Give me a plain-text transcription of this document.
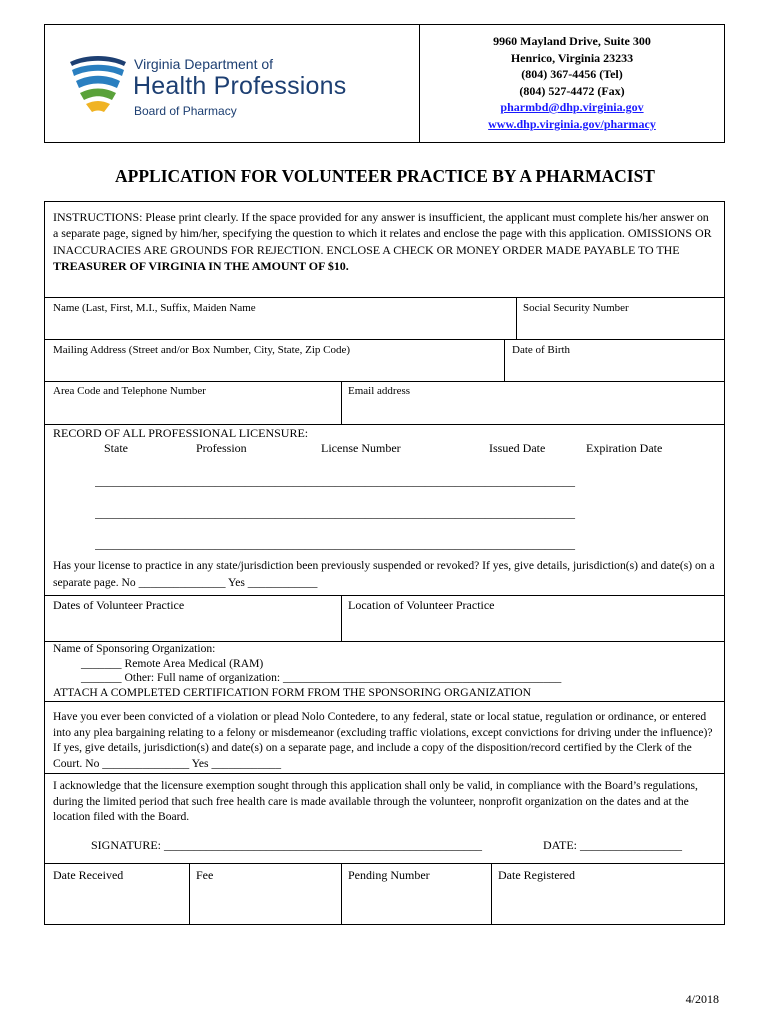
Virginia Department of
Health Professions
Board of Pharmacy
9960 Mayland Drive, Suite 300
Henrico, Virginia 23233
(804) 367-4456 (Tel)
(804) 527-4472 (Fax)
pharmbd@dhp.virginia.gov
www.dhp.virginia.gov/pharmacy
APPLICATION FOR VOLUNTEER PRACTICE BY A PHARMACIST
INSTRUCTIONS: Please print clearly. If the space provided for any answer is insufficient, the applicant must complete his/her answer on a separate page, signed by him/her, specifying the question to which it relates and enclose the page with this application. OMISSIONS OR INACCURACIES ARE GROUNDS FOR REJECTION. ENCLOSE A CHECK OR MONEY ORDER MADE PAYABLE TO THE TREASURER OF VIRGINIA IN THE AMOUNT OF $10.
Name (Last, First, M.I., Suffix, Maiden Name	Social Security Number
Mailing Address (Street and/or Box Number, City, State, Zip Code)	Date of Birth
Area Code and Telephone Number	Email address
RECORD OF ALL PROFESSIONAL LICENSURE:
State	Profession	License Number	Issued Date	Expiration Date
________________________________________________________________________________
________________________________________________________________________________
________________________________________________________________________________
Has your license to practice in any state/jurisdiction been previously suspended or revoked? If yes, give details, jurisdiction(s) and date(s) on a separate page. No _______________ Yes ____________
Dates of Volunteer Practice	Location of Volunteer Practice
Name of Sponsoring Organization:
_______ Remote Area Medical (RAM)
_______ Other: Full name of organization: ________________________________________________
ATTACH A COMPLETED CERTIFICATION FORM FROM THE SPONSORING ORGANIZATION
Have you ever been convicted of a violation or plead Nolo Contedere, to any federal, state or local statue, regulation or ordinance, or entered into any plea bargaining relating to a felony or misdemeanor (excluding traffic violations, except convictions for driving under the influence)? If yes, give details, jurisdiction(s) and date(s) on a separate page, and include a copy of the disposition/record certified by the Clerk of the Court. No _______________ Yes ____________
I acknowledge that the licensure exemption sought through this application shall only be valid, in compliance with the Board’s regulations, during the limited period that such free health care is made available through the volunteer, nonprofit organization on the dates and at the location filed with the Board.
SIGNATURE: _____________________________________________________	DATE: _________________
Date Received	Fee	Pending Number	Date Registered
4/2018
